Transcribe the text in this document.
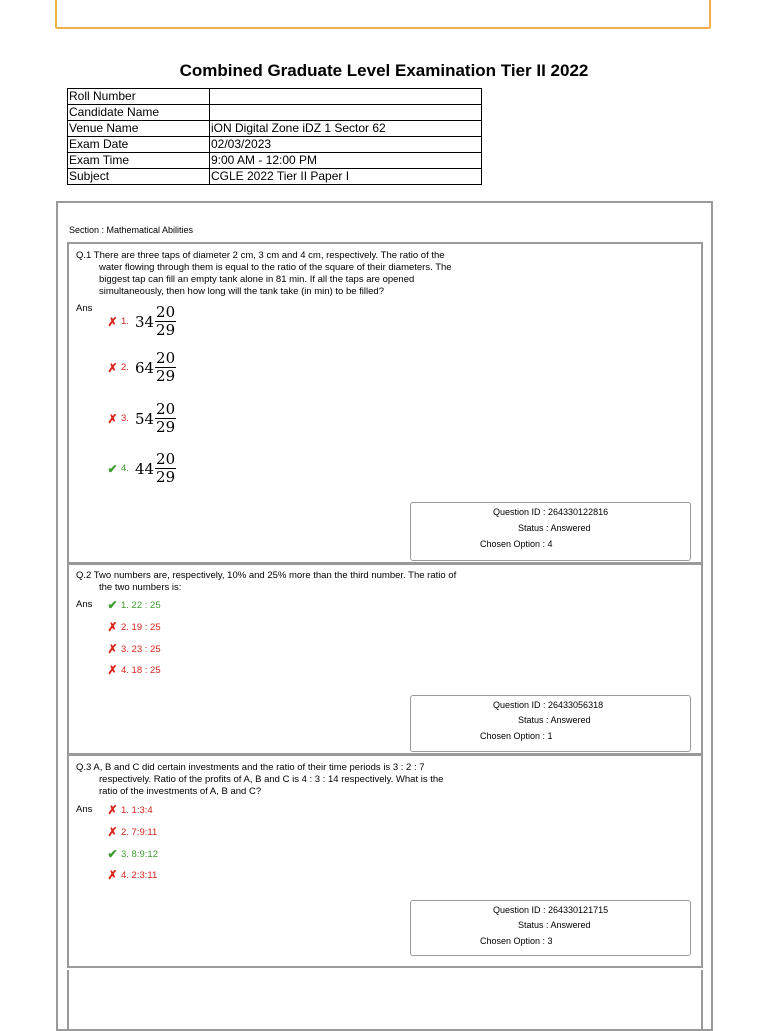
Combined Graduate Level Examination Tier II 2022
Roll Number	
Candidate Name	
Venue Name	iON Digital Zone iDZ 1 Sector 62
Exam Date	02/03/2023
Exam Time	9:00 AM - 12:00 PM
Subject	CGLE 2022 Tier II Paper I
Section : Mathematical Abilities
Q.1 There are three taps of diameter 2 cm, 3 cm and 4 cm, respectively. The ratio of the
water flowing through them is equal to the ratio of the square of their diameters. The
biggest tap can fill an empty tank alone in 81 min. If all the taps are opened
simultaneously, then how long will the tank take (in min) to be filled?
Ans
✗ 1. $34 \frac{20}{29}$
✗ 2. $64 \frac{20}{29}$
✗ 3. $54 \frac{20}{29}$
✔ 4. $44 \frac{20}{29}$
Question ID : 264330122816
Status : Answered
Chosen Option : 4
Q.2 Two numbers are, respectively, 10% and 25% more than the third number. The ratio of
the two numbers is:
Ans ✔ 1. 22 : 25
✗ 2. 19 : 25
✗ 3. 23 : 25
✗ 4. 18 : 25
Question ID : 26433056318
Status : Answered
Chosen Option : 1
Q.3 A, B and C did certain investments and the ratio of their time periods is 3 : 2 : 7
respectively. Ratio of the profits of A, B and C is 4 : 3 : 14 respectively. What is the
ratio of the investments of A, B and C?
Ans ✗ 1. 1:3:4
✗ 2. 7:9:11
✔ 3. 8:9:12
✗ 4. 2:3:11
Question ID : 264330121715
Status : Answered
Chosen Option : 3
